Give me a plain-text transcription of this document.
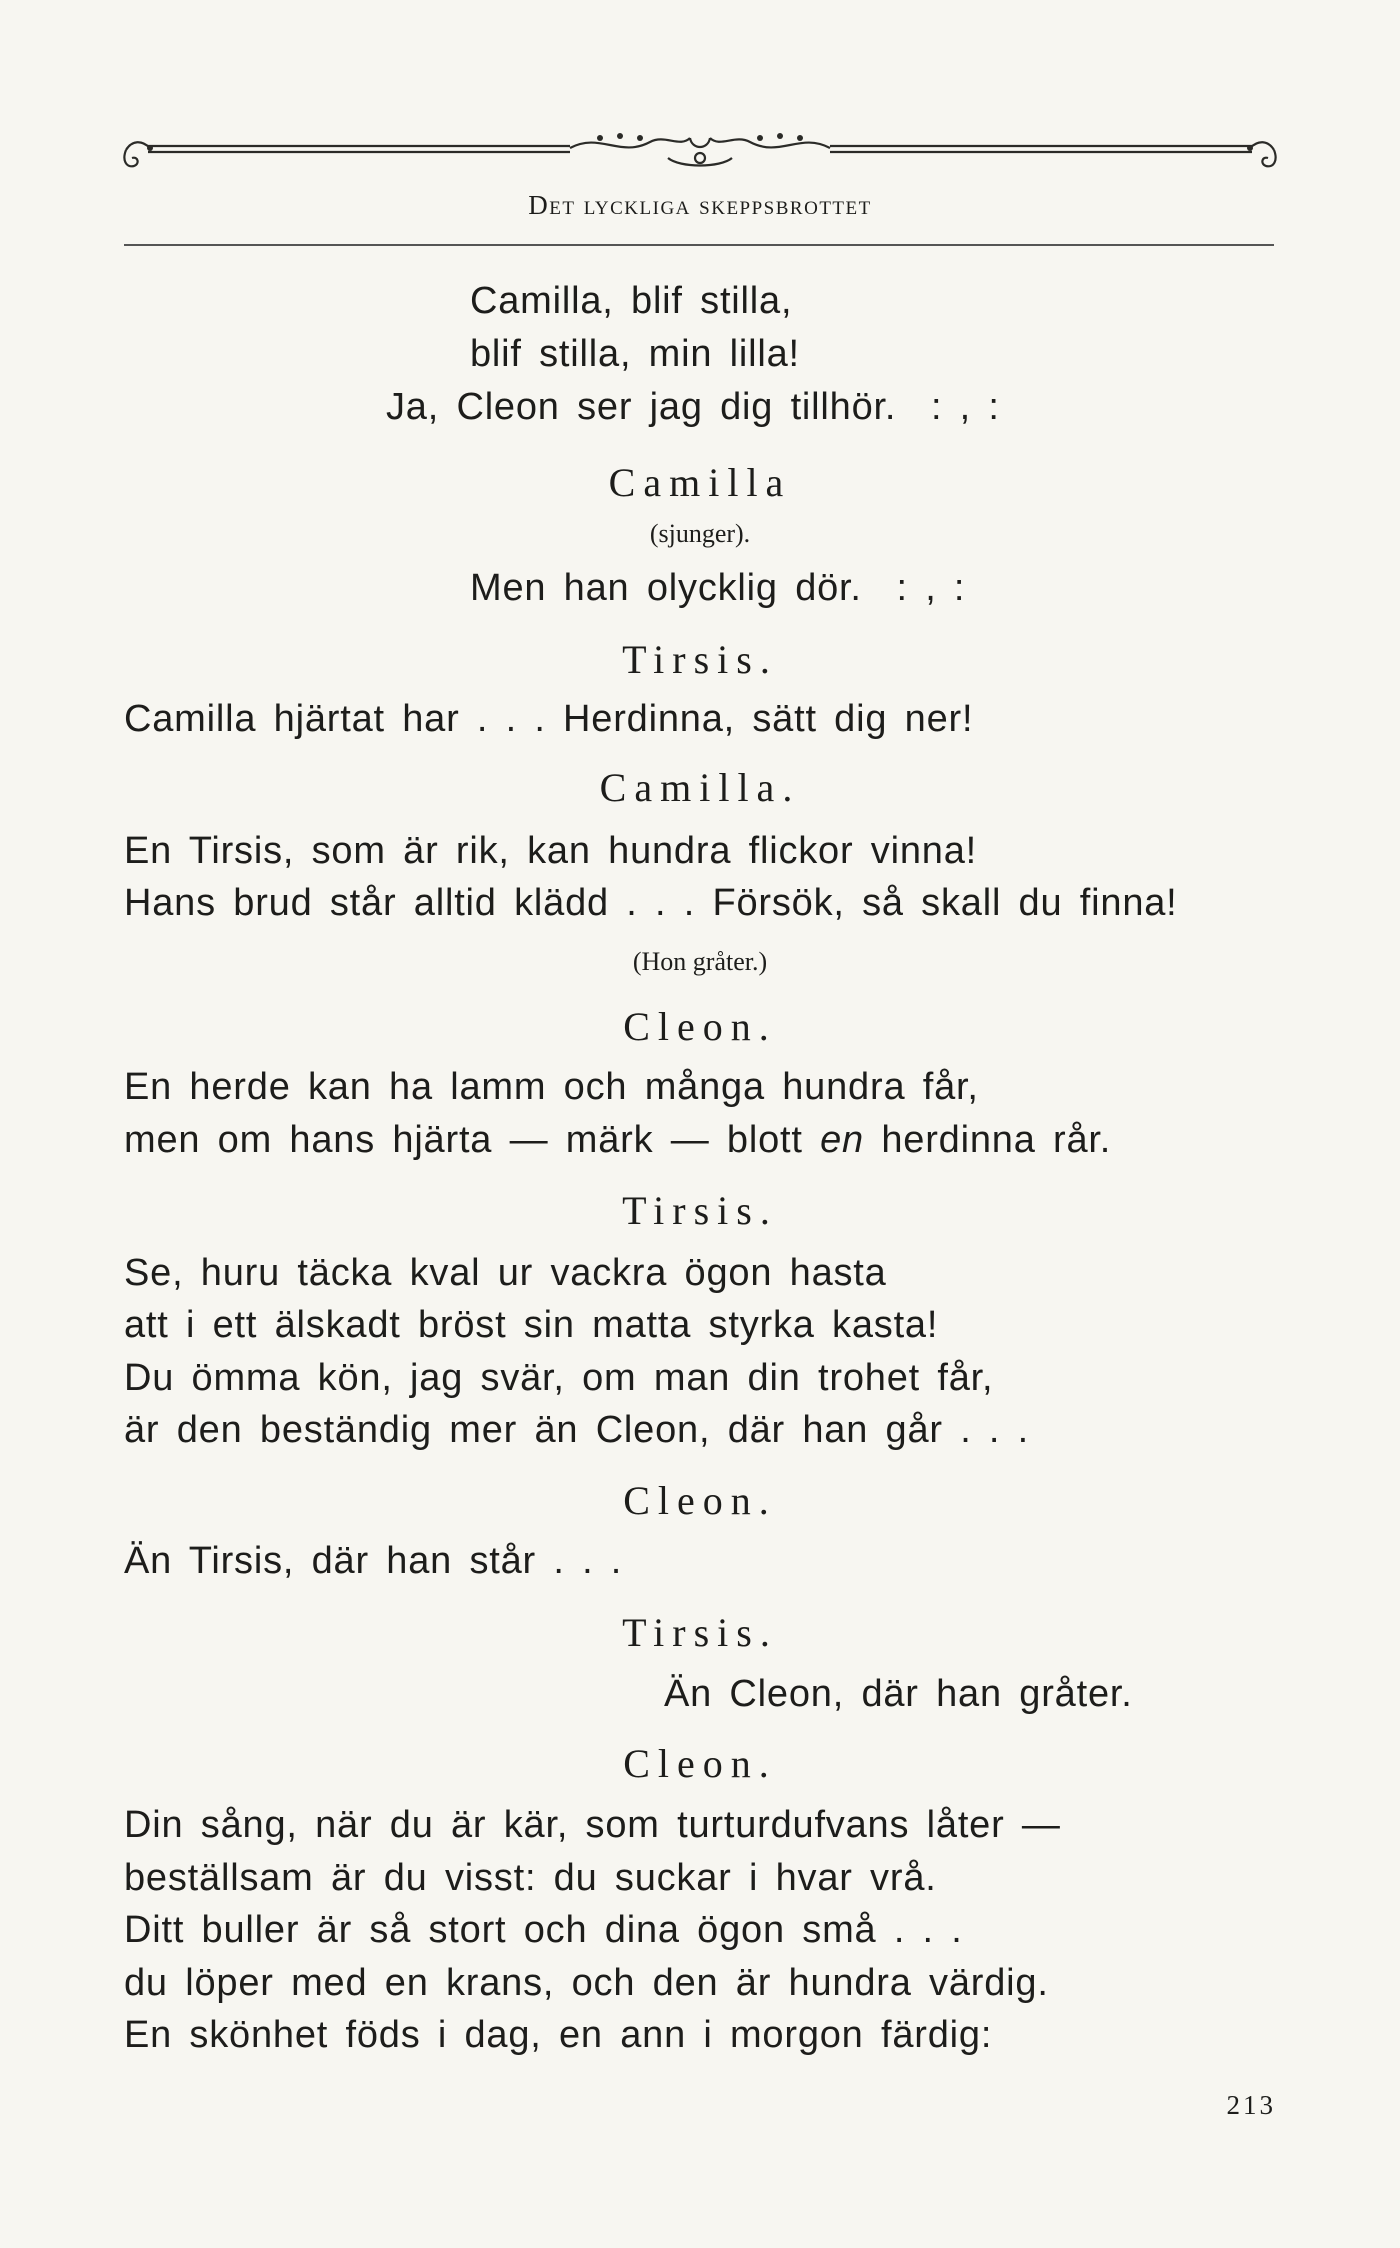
Det lyckliga skeppsbrottet
Camilla, blif stilla,
blif stilla, min lilla!
Ja, Cleon ser jag dig tillhör.  : , :
Camilla
(sjunger).
Men han olycklig dör.  : , :
Tirsis.
Camilla hjärtat har . . . Herdinna, sätt dig ner!
Camilla.
En Tirsis, som är rik, kan hundra flickor vinna!
Hans brud står alltid klädd . . . Försök, så skall du finna!
(Hon gråter.)
Cleon.
En herde kan ha lamm och många hundra får,
men om hans hjärta — märk — blott en herdinna rår.
Tirsis.
Se, huru täcka kval ur vackra ögon hasta
att i ett älskadt bröst sin matta styrka kasta!
Du ömma kön, jag svär, om man din trohet får,
är den beständig mer än Cleon, där han går . . .
Cleon.
Än Tirsis, där han står . . .
Tirsis.
Än Cleon, där han gråter.
Cleon.
Din sång, när du är kär, som turturdufvans låter —
beställsam är du visst: du suckar i hvar vrå.
Ditt buller är så stort och dina ögon små . . .
du löper med en krans, och den är hundra värdig.
En skönhet föds i dag, en ann i morgon färdig:
213
